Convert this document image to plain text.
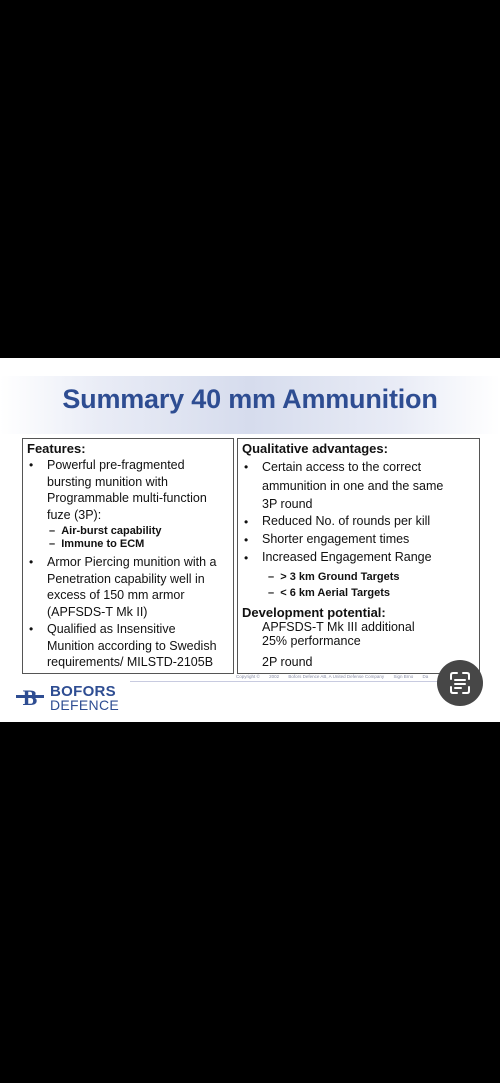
Summary 40 mm Ammunition
Features:
• Powerful pre-fragmented
bursting munition with
Programmable multi-function
fuze (3P):
–  Air-burst capability
–  Immune to ECM
• Armor Piercing munition with a
Penetration capability well in
excess of 150 mm armor
(APFSDS-T Mk II)
• Qualified as Insensitive
Munition according to Swedish
requirements/ MILSTD-2105B
Qualitative advantages:
• Certain access to the correct
ammunition in one and the same
3P round
• Reduced No. of rounds per kill
• Shorter engagement times
• Increased Engagement Range
–  > 3 km Ground Targets
–  < 6 km Aerial Targets
Development potential:
APFSDS-T Mk III additional
25% performance
2P round
Copyright © 2002 Bofors Defence AB, A United Defense Company Sign Brno Da
B BOFORS
DEFENCE
